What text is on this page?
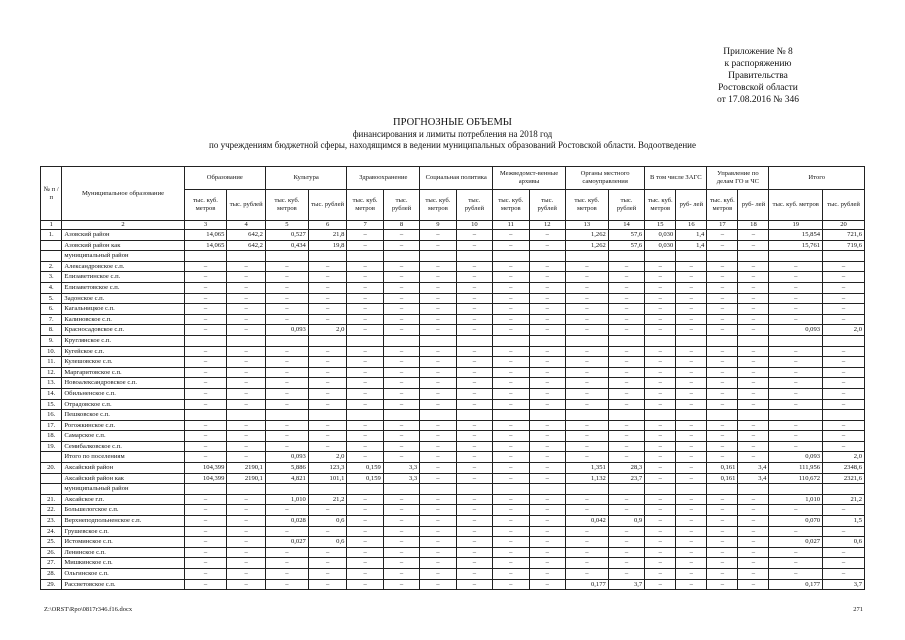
Приложение № 8
к распоряжению
Правительства
Ростовской области
от 17.08.2016 № 346
ПРОГНОЗНЫЕ ОБЪЕМЫ
финансирования и лимиты потребления на 2018 год
по учреждениям бюджетной сферы, находящимся в ведении муниципальных образований Ростовской области. Водоотведение
№ п /п	Муниципальное образование	Образование		Культура		Здравоохранение		Социальная политика		Межведомст-венные архивы		Органы местного самоуправления		В том числе ЗАГС		Управление по делам ГО и ЧС		Итого	
		тыс. куб. метров	тыс. рублей	тыс. куб. метров	тыс. рублей	тыс. куб. метров	тыс. рублей	тыс. куб. метров	тыс. рублей	тыс. куб. метров	тыс. рублей	тыс. куб. метров	тыс. рублей	тыс. куб. метров	руб- лей	тыс. куб. метров	руб- лей	тыс. куб. метров	тыс. рублей
1	2	3	4	5	6	7	8	9	10	11	12	13	14	15	16	17	18	19	20
1.	Азовский район	14,065	642,2	0,527	21,8	–	–	–	–	–	–	1,262	57,6	0,030	1,4	–	–	15,854	721,6
	Азовский район как	14,065	642,2	0,434	19,8	–	–	–	–	–	–	1,262	57,6	0,030	1,4	–	–	15,761	719,6
	муниципальный район																		
2.	Александровское с.п.	–	–	–	–	–	–	–	–	–	–	–	–	–	–	–	–	–	–
3.	Елизаветинское с.п.	–	–	–	–	–	–	–	–	–	–	–	–	–	–	–	–	–	–
4.	Елизаветовское с.п.	–	–	–	–	–	–	–	–	–	–	–	–	–	–	–	–	–	–
5.	Задонское с.п.	–	–	–	–	–	–	–	–	–	–	–	–	–	–	–	–	–	–
6.	Кагальницкое с.п.	–	–	–	–	–	–	–	–	–	–	–	–	–	–	–	–	–	–
7.	Калиновское с.п.	–	–	–	–	–	–	–	–	–	–	–	–	–	–	–	–	–	–
8.	Красносадовское с.п.	–	–	0,093	2,0	–	–	–	–	–	–	–	–	–	–	–	–	0,093	2,0
9.	Круглянское с.п.																		
10.	Кугейское с.п.	–	–	–	–	–	–	–	–	–	–	–	–	–	–	–	–	–	–
11.	Кулешовское с.п.	–	–	–	–	–	–	–	–	–	–	–	–	–	–	–	–	–	–
12.	Маргаритовское с.п.	–	–	–	–	–	–	–	–	–	–	–	–	–	–	–	–	–	–
13.	Новоалександровское с.п.	–	–	–	–	–	–	–	–	–	–	–	–	–	–	–	–	–	–
14.	Обильненское с.п.	–	–	–	–	–	–	–	–	–	–	–	–	–	–	–	–	–	–
15.	Отрадовское с.п.	–	–	–	–	–	–	–	–	–	–	–	–	–	–	–	–	–	–
16.	Пешковское с.п.																		
17.	Рогожкинское с.п.	–	–	–	–	–	–	–	–	–	–	–	–	–	–	–	–	–	–
18.	Самарское с.п.	–	–	–	–	–	–	–	–	–	–	–	–	–	–	–	–	–	–
19.	Семибалковское с.п.	–	–	–	–	–	–	–	–	–	–	–	–	–	–	–	–	–	–
	Итого по поселениям	–	–	0,093	2,0	–	–	–	–	–	–	–	–	–	–	–	–	0,093	2,0
20.	Аксайский район	104,399	2190,1	5,886	123,3	0,159	3,3	–	–	–	–	1,351	28,3	–	–	0,161	3,4	111,956	2348,6
	Аксайский район как	104,399	2190,1	4,821	101,1	0,159	3,3	–	–	–	–	1,132	23,7	–	–	0,161	3,4	110,672	2321,6
	муниципальный район																		
21.	Аксайское г.п.	–	–	1,010	21,2	–	–	–	–	–	–	–	–	–	–	–	–	1,010	21,2
22.	Большелогское с.п.	–	–	–	–	–	–	–	–	–	–	–	–	–	–	–	–	–	–
23.	Верхнеподпольненское с.п.	–	–	0,028	0,6	–	–	–	–	–	–	0,042	0,9	–	–	–	–	0,070	1,5
24.	Грушевское с.п.	–	–	–	–	–	–	–	–	–	–	–	–	–	–	–	–	–	–
25.	Истоминское с.п.	–	–	0,027	0,6	–	–	–	–	–	–	–	–	–	–	–	–	0,027	0,6
26.	Ленинское с.п.	–	–	–	–	–	–	–	–	–	–	–	–	–	–	–	–	–	–
27.	Мишкинское с.п.	–	–	–	–	–	–	–	–	–	–	–	–	–	–	–	–	–	–
28.	Ольгинское с.п.	–	–	–	–	–	–	–	–	–	–	–	–	–	–	–	–	–	–
29.	Рассветовское с.п.	–	–	–	–	–	–	–	–	–	–	0,177	3,7	–	–	–	–	0,177	3,7
Z:\ORST\Rpo\0817r346.f16.docx	271
